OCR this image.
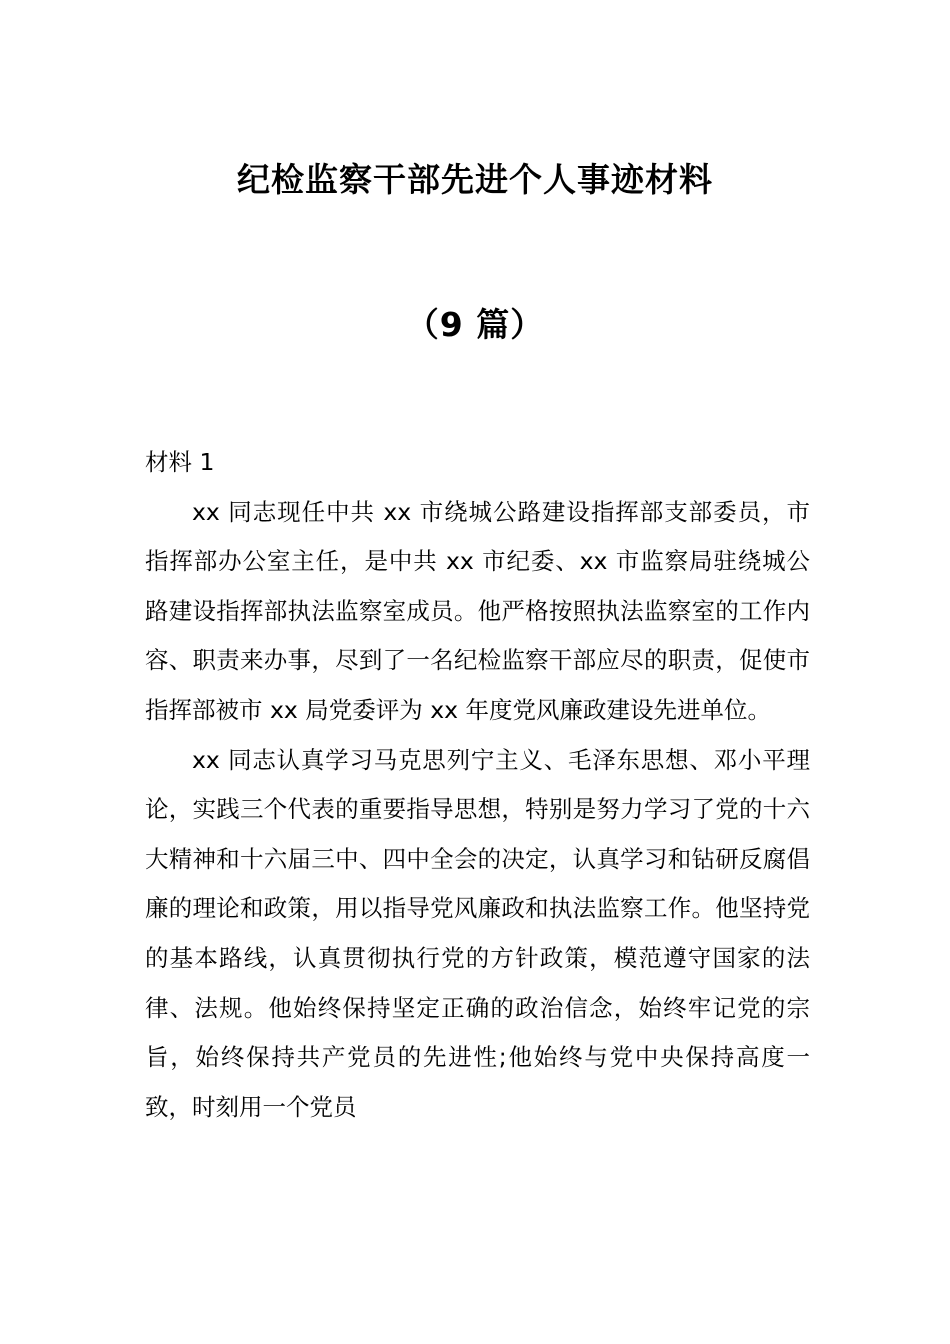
纪检监察干部先进个人事迹材料
（9 篇）

材料 1

xx 同志现任中共 xx 市绕城公路建设指挥部支部委员，市指挥部办公室主任，是中共 xx 市纪委、xx 市监察局驻绕城公路建设指挥部执法监察室成员。他严格按照执法监察室的工作内容、职责来办事，尽到了一名纪检监察干部应尽的职责，促使市指挥部被市 xx 局党委评为 xx 年度党风廉政建设先进单位。

xx 同志认真学习马克思列宁主义、毛泽东思想、邓小平理论，实践三个代表的重要指导思想，特别是努力学习了党的十六大精神和十六届三中、四中全会的决定，认真学习和钻研反腐倡廉的理论和政策，用以指导党风廉政和执法监察工作。他坚持党的基本路线，认真贯彻执行党的方针政策，模范遵守国家的法律、法规。他始终保持坚定正确的政治信念，始终牢记党的宗旨，始终保持共产党员的先进性;他始终与党中央保持高度一致，时刻用一个党员
